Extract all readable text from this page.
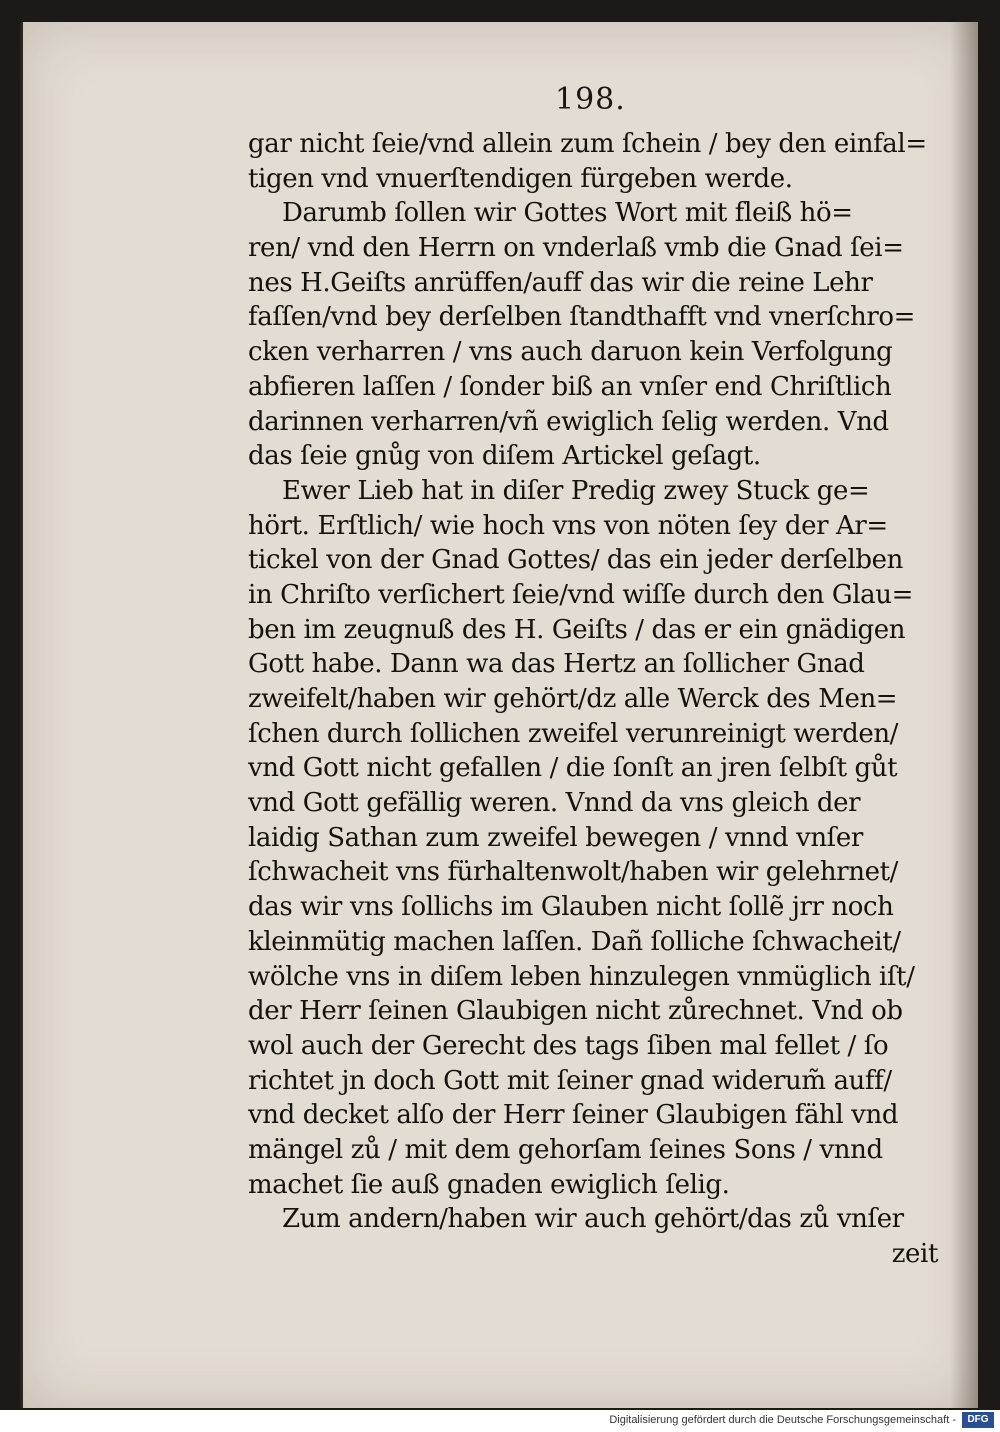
198.
gar nicht ſeie/vnd allein zum ſchein / bey den einfal=
tigen vnd vnuerſtendigen fürgeben werde.
Darumb ſollen wir Gottes Wort mit fleiß hö=
ren/ vnd den Herrn on vnderlaß vmb die Gnad ſei=
nes H.Geiſts anrüffen/auff das wir die reine Lehr
faſſen/vnd bey derſelben ſtandthafft vnd vnerſchro=
cken verharren / vns auch daruon kein Verfolgung
abfieren laſſen / ſonder biß an vnſer end Chriſtlich
darinnen verharren/vñ ewiglich ſelig werden. Vnd
das ſeie gnůg von diſem Artickel geſagt.
Ewer Lieb hat in diſer Predig zwey Stuck ge=
hört. Erſtlich/ wie hoch vns von nöten ſey der Ar=
tickel von der Gnad Gottes/ das ein jeder derſelben
in Chriſto verſichert ſeie/vnd wiſſe durch den Glau=
ben im zeugnuß des H. Geiſts / das er ein gnädigen
Gott habe. Dann wa das Hertz an ſollicher Gnad
zweifelt/haben wir gehört/dz alle Werck des Men=
ſchen durch ſollichen zweifel verunreinigt werden/
vnd Gott nicht gefallen / die ſonſt an jren ſelbſt gůt
vnd Gott gefällig weren. Vnnd da vns gleich der
laidig Sathan zum zweifel bewegen / vnnd vnſer
ſchwacheit vns fürhaltenwolt/haben wir gelehrnet/
das wir vns ſollichs im Glauben nicht ſollẽ jrr noch
kleinmütig machen laſſen. Dañ ſolliche ſchwacheit/
wölche vns in diſem leben hinzulegen vnmüglich iſt/
der Herr ſeinen Glaubigen nicht zůrechnet. Vnd ob
wol auch der Gerecht des tags ſiben mal fellet / ſo
richtet jn doch Gott mit ſeiner gnad widerum̃ auff/
vnd decket alſo der Herr ſeiner Glaubigen fähl vnd
mängel zů / mit dem gehorſam ſeines Sons / vnnd
machet ſie auß gnaden ewiglich ſelig.
Zum andern/haben wir auch gehört/das zů vnſer
zeit
Digitalisierung gefördert durch die Deutsche Forschungsgemeinschaft -	DFG
